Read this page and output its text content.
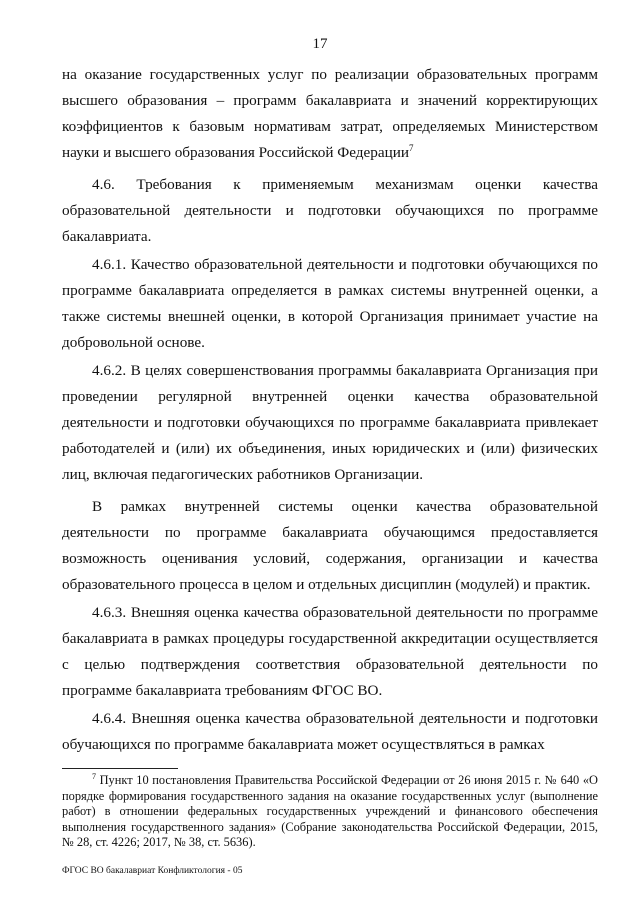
17

на оказание государственных услуг по реализации образовательных программ высшего образования – программ бакалавриата и значений корректирующих коэффициентов к базовым нормативам затрат, определяемых Министерством науки и высшего образования Российской Федерации$^7$

4.6. Требования к применяемым механизмам оценки качества образовательной деятельности и подготовки обучающихся по программе бакалавриата.

4.6.1. Качество образовательной деятельности и подготовки обучающихся по программе бакалавриата определяется в рамках системы внутренней оценки, а также системы внешней оценки, в которой Организация принимает участие на добровольной основе.

4.6.2. В целях совершенствования программы бакалавриата Организация при проведении регулярной внутренней оценки качества образовательной деятельности и подготовки обучающихся по программе бакалавриата привлекает работодателей и (или) их объединения, иных юридических и (или) физических лиц, включая педагогических работников Организации.

В рамках внутренней системы оценки качества образовательной деятельности по программе бакалавриата обучающимся предоставляется возможность оценивания условий, содержания, организации и качества образовательного процесса в целом и отдельных дисциплин (модулей) и практик.

4.6.3. Внешняя оценка качества образовательной деятельности по программе бакалавриата в рамках процедуры государственной аккредитации осуществляется с целью подтверждения соответствия образовательной деятельности по программе бакалавриата требованиям ФГОС ВО.

4.6.4. Внешняя оценка качества образовательной деятельности и подготовки обучающихся по программе бакалавриата может осуществляться в рамках

$^7$ Пункт 10 постановления Правительства Российской Федерации от 26 июня 2015 г. № 640 «О порядке формирования государственного задания на оказание государственных услуг (выполнение работ) в отношении федеральных государственных учреждений и финансового обеспечения выполнения государственного задания» (Собрание законодательства Российской Федерации, 2015, № 28, ст. 4226; 2017, № 38, ст. 5636).

ФГОС ВО бакалавриат Конфликтология - 05
